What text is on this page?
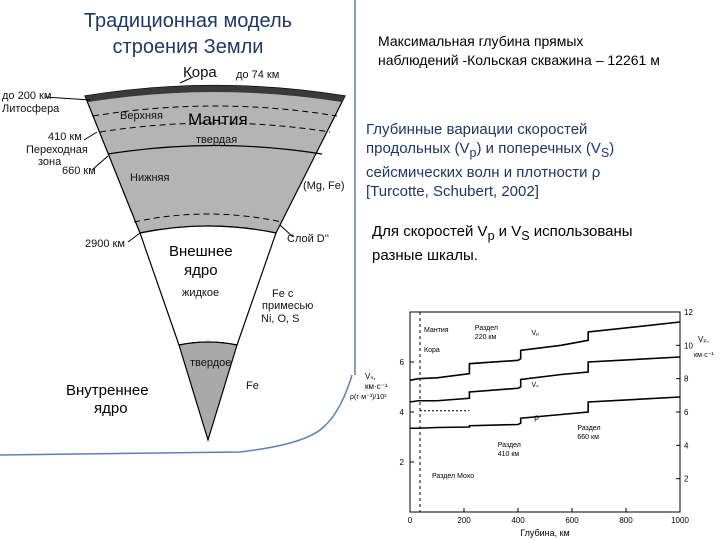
Традиционная модель
строения Земли
Кора до 74 км
до 200 км
Литосфера
410 км
Переходная
зона
660 км
Верхняя Мантия
твердая
Нижняя
(Mg, Fe)
2900 км	Слой D''
Внешнее
ядро
жидкое	Fe с
примесью
Ni, O, S
твердое
Fe
Внутреннее
ядро
Максимальная глубина прямых
наблюдений -Кольская скважина – 12261 м
Глубинные вариации скоростей
продольных $(V_p)$ и поперечных $(V_S)$
сейсмических волн и плотности ρ
[Turcotte, Schubert, 2002]
Для скоростей $V_p$ и $V_S$ использованы
разные шкалы.
0	200	400	600	800	1000
Глубина, км
2
4
6
Vₛ,
км·с⁻¹
ρ(г·м⁻³)/10³
2
4
6
8
10
12
Vₚ,
км·с⁻¹
Мантия
Кора
Раздел
220 км
Vₚ
Vₛ
ρ
Раздел
410 км
Раздел
660 км
Раздел Мохо
